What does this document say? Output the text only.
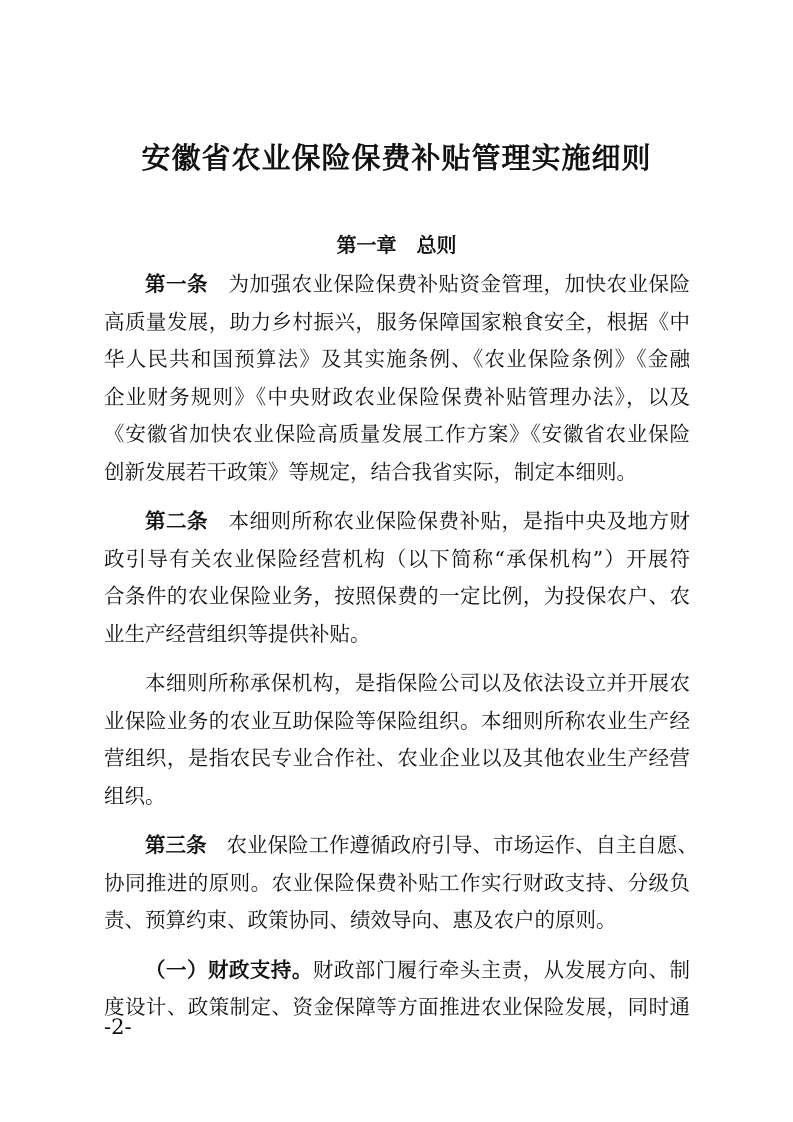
安徽省农业保险保费补贴管理实施细则
第一章　总则
第一条 为加强农业保险保费补贴资金管理，加快农业保险
高质量发展，助力乡村振兴，服务保障国家粮食安全，根据《中
华人民共和国预算法》及其实施条例、《农业保险条例》《金融
企业财务规则》《中央财政农业保险保费补贴管理办法》，以及
《安徽省加快农业保险高质量发展工作方案》《安徽省农业保险
创新发展若干政策》等规定，结合我省实际，制定本细则。
第二条 本细则所称农业保险保费补贴，是指中央及地方财
政引导有关农业保险经营机构（以下简称“承保机构”）开展符
合条件的农业保险业务，按照保费的一定比例，为投保农户、农
业生产经营组织等提供补贴。
本细则所称承保机构，是指保险公司以及依法设立并开展农
业保险业务的农业互助保险等保险组织。本细则所称农业生产经
营组织，是指农民专业合作社、农业企业以及其他农业生产经营
组织。
第三条 农业保险工作遵循政府引导、市场运作、自主自愿、
协同推进的原则。农业保险保费补贴工作实行财政支持、分级负
责、预算约束、政策协同、绩效导向、惠及农户的原则。
（一）财政支持。财政部门履行牵头主责，从发展方向、制
度设计、政策制定、资金保障等方面推进农业保险发展，同时通
-2-
